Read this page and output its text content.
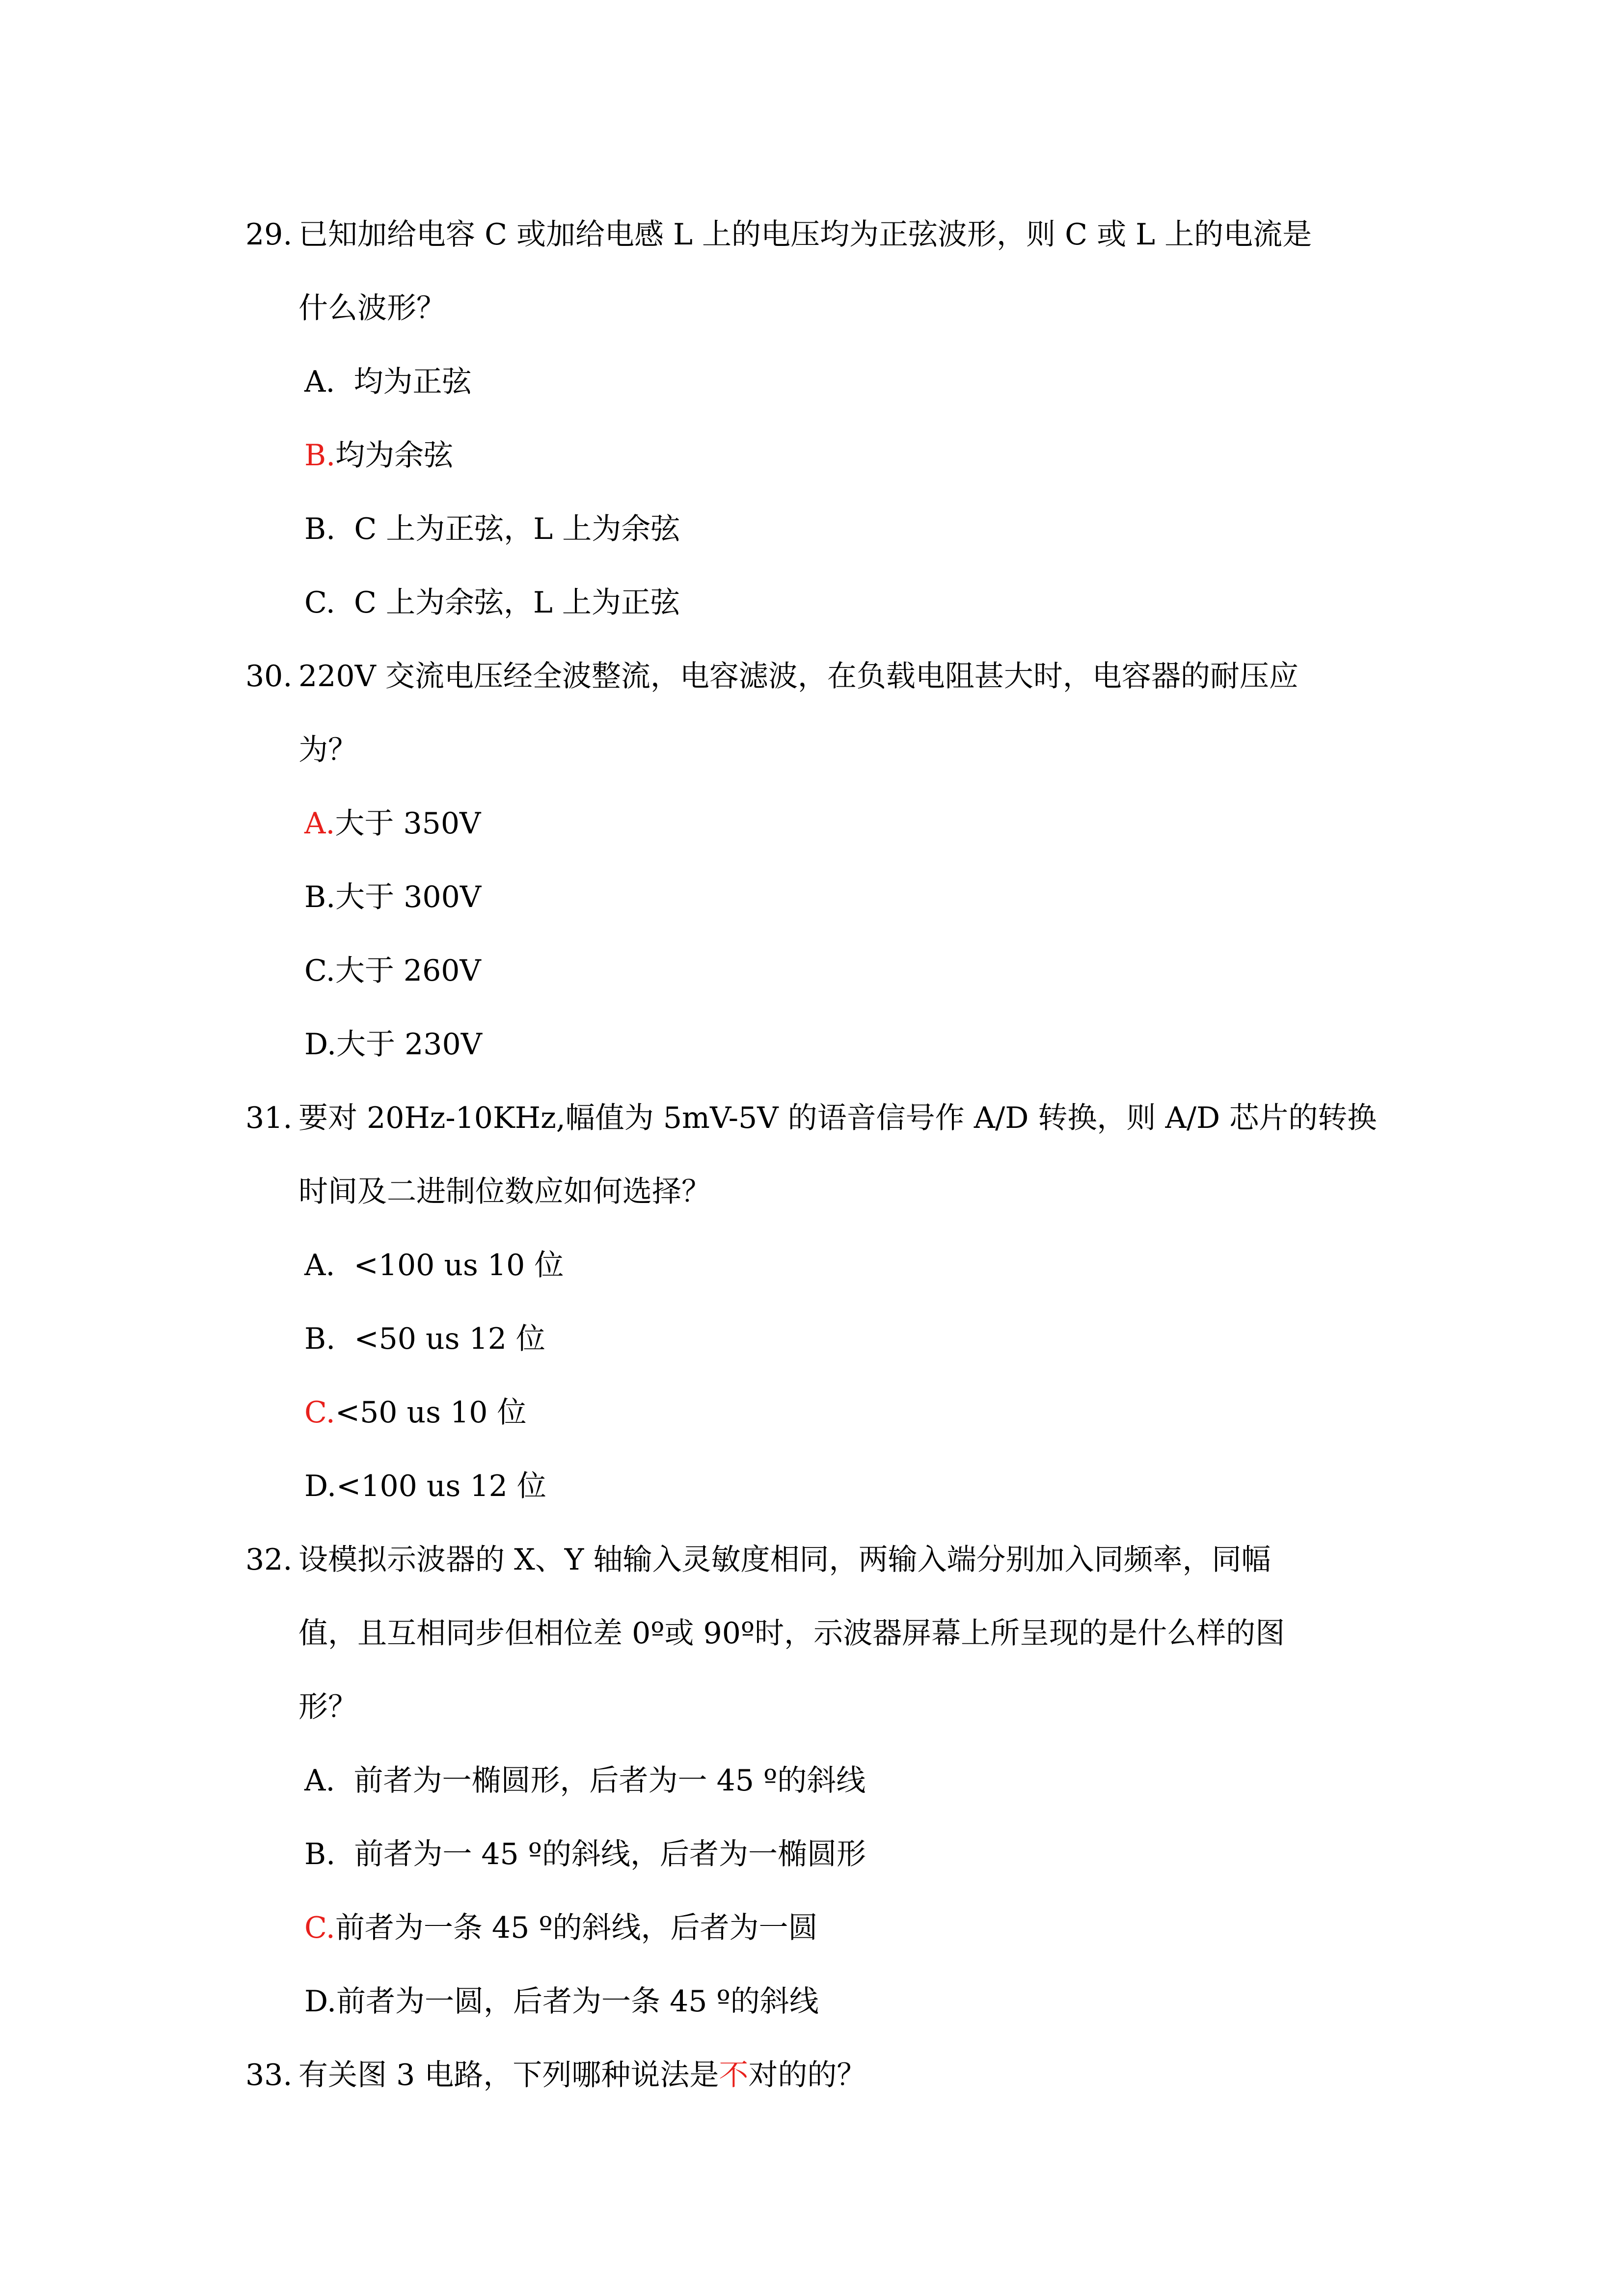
29. 已知加给电容 C 或加给电感 L 上的电压均为正弦波形，则 C 或 L 上的电流是
什么波形？
A.  均为正弦
B.均为余弦
B.  C 上为正弦，L 上为余弦
C.  C 上为余弦，L 上为正弦
30. 220V 交流电压经全波整流，电容滤波，在负载电阻甚大时，电容器的耐压应
为？
A.大于 350V
B.大于 300V
C.大于 260V
D.大于 230V
31. 要对 20Hz-10KHz,幅值为 5mV-5V 的语音信号作 A/D 转换，则 A/D 芯片的转换
时间及二进制位数应如何选择？
A.  <100 us 10 位
B.  <50 us 12 位
C.<50 us 10 位
D.<100 us 12 位
32. 设模拟示波器的 X、Y 轴输入灵敏度相同，两输入端分别加入同频率，同幅
值，且互相同步但相位差 0º或 90º时，示波器屏幕上所呈现的是什么样的图
形？
A.  前者为一椭圆形，后者为一 45 º的斜线
B.  前者为一 45 º的斜线，后者为一椭圆形
C.前者为一条 45 º的斜线，后者为一圆
D.前者为一圆，后者为一条 45 º的斜线
33. 有关图 3 电路，下列哪种说法是不对的的？
